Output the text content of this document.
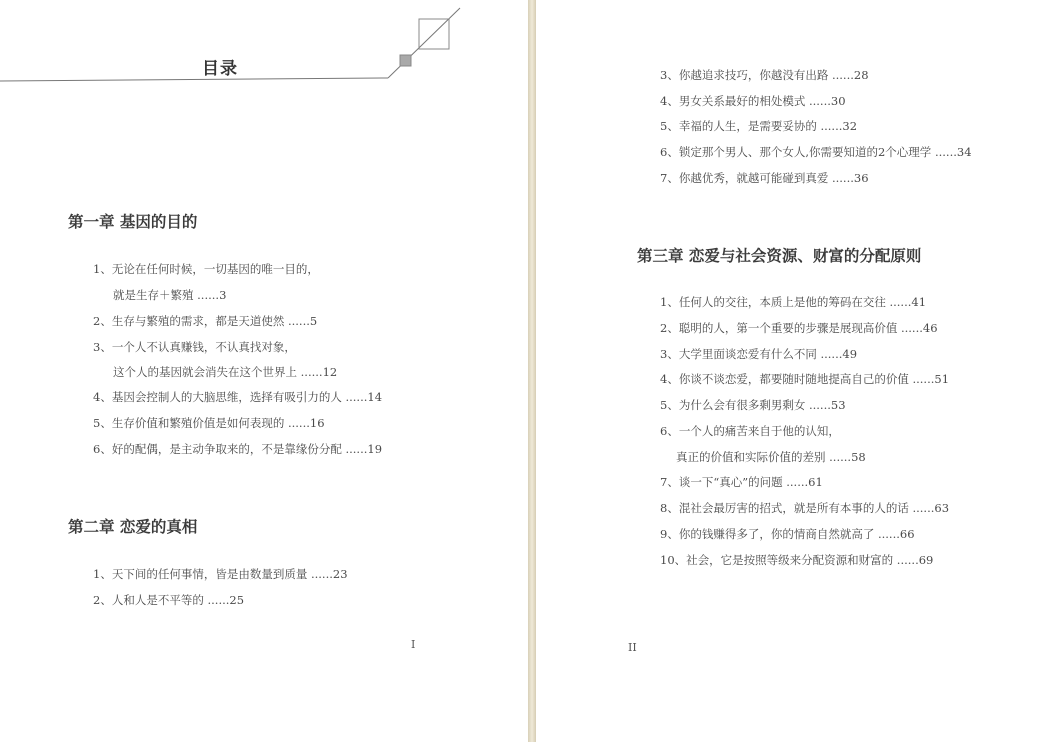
目录
第一章 基因的目的
1、无论在任何时候，一切基因的唯一目的，
就是生存＋繁殖 ......3
2、生存与繁殖的需求，都是天道使然 ......5
3、一个人不认真赚钱，不认真找对象，
这个人的基因就会消失在这个世界上 ......12
4、基因会控制人的大脑思维，选择有吸引力的人 ......14
5、生存价值和繁殖价值是如何表现的 ......16
6、好的配偶，是主动争取来的，不是靠缘份分配 ......19
第二章 恋爱的真相
1、天下间的任何事情，皆是由数量到质量 ......23
2、人和人是不平等的 ......25
I
3、你越追求技巧，你越没有出路 ......28
4、男女关系最好的相处模式 ......30
5、幸福的人生，是需要妥协的 ......32
6、锁定那个男人、那个女人,你需要知道的2个心理学 ......34
7、你越优秀，就越可能碰到真爱 ......36
第三章 恋爱与社会资源、财富的分配原则
1、任何人的交往，本质上是他的筹码在交往 ......41
2、聪明的人，第一个重要的步骤是展现高价值 ......46
3、大学里面谈恋爱有什么不同 ......49
4、你谈不谈恋爱，都要随时随地提高自己的价值 ......51
5、为什么会有很多剩男剩女 ......53
6、一个人的痛苦来自于他的认知，
真正的价值和实际价值的差别 ......58
7、谈一下“真心”的问题 ......61
8、混社会最厉害的招式，就是所有本事的人的话 ......63
9、你的钱赚得多了，你的情商自然就高了 ......66
10、社会，它是按照等级来分配资源和财富的 ......69
II
